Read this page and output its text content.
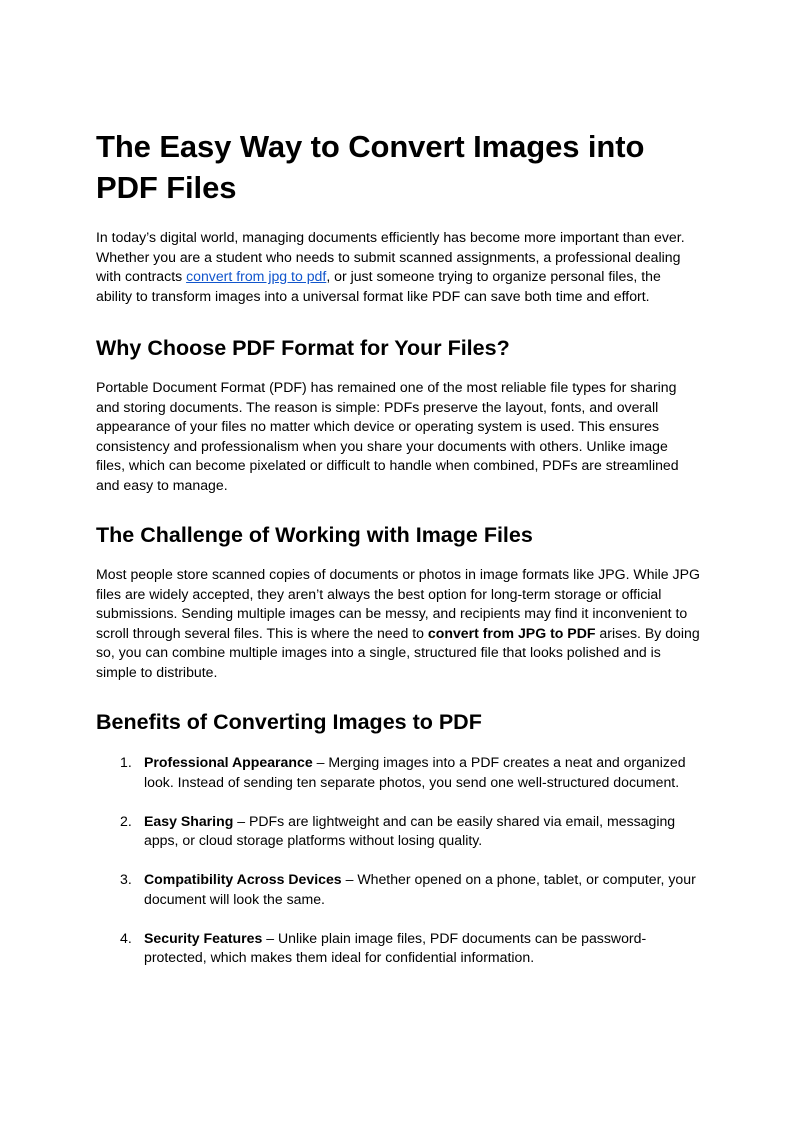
The Easy Way to Convert Images into PDF Files

In today’s digital world, managing documents efficiently has become more important than ever. Whether you are a student who needs to submit scanned assignments, a professional dealing with contracts convert from jpg to pdf, or just someone trying to organize personal files, the ability to transform images into a universal format like PDF can save both time and effort.

Why Choose PDF Format for Your Files?

Portable Document Format (PDF) has remained one of the most reliable file types for sharing and storing documents. The reason is simple: PDFs preserve the layout, fonts, and overall appearance of your files no matter which device or operating system is used. This ensures consistency and professionalism when you share your documents with others. Unlike image files, which can become pixelated or difficult to handle when combined, PDFs are streamlined and easy to manage.

The Challenge of Working with Image Files

Most people store scanned copies of documents or photos in image formats like JPG. While JPG files are widely accepted, they aren’t always the best option for long-term storage or official submissions. Sending multiple images can be messy, and recipients may find it inconvenient to scroll through several files. This is where the need to convert from JPG to PDF arises. By doing so, you can combine multiple images into a single, structured file that looks polished and is simple to distribute.

Benefits of Converting Images to PDF
1. Professional Appearance – Merging images into a PDF creates a neat and organized look. Instead of sending ten separate photos, you send one well-structured document.
2. Easy Sharing – PDFs are lightweight and can be easily shared via email, messaging apps, or cloud storage platforms without losing quality.
3. Compatibility Across Devices – Whether opened on a phone, tablet, or computer, your document will look the same.
4. Security Features – Unlike plain image files, PDF documents can be password-protected, which makes them ideal for confidential information.
